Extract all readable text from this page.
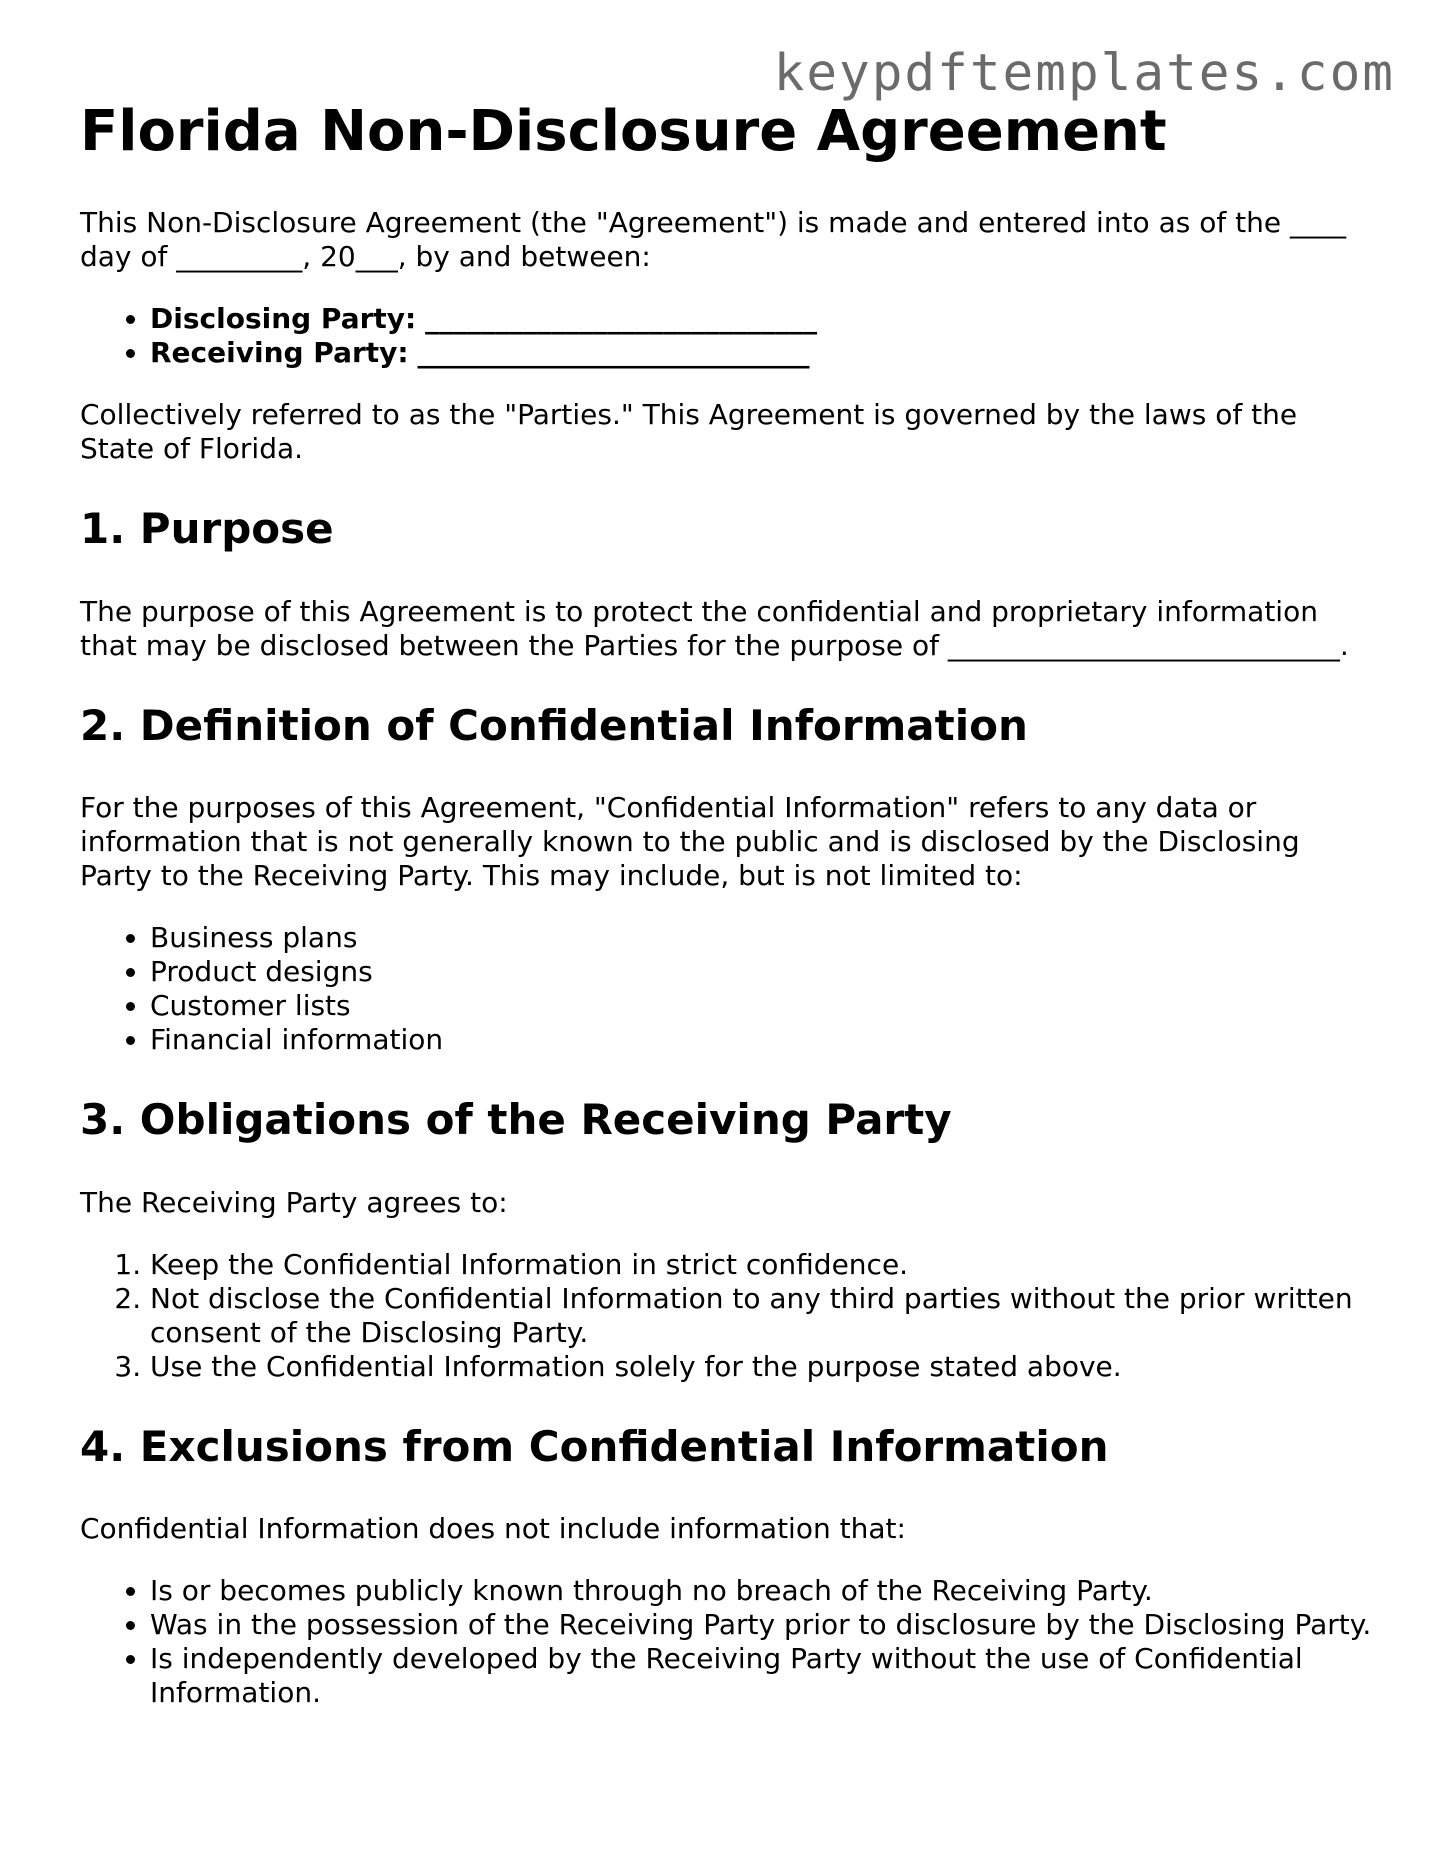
keypdftemplates.com
Florida Non-Disclosure Agreement

This Non-Disclosure Agreement (the "Agreement") is made and entered into as of the ____ day of _________, 20___, by and between:

• Disclosing Party: ____________________________
• Receiving Party: ____________________________

Collectively referred to as the "Parties." This Agreement is governed by the laws of the State of Florida.

1. Purpose

The purpose of this Agreement is to protect the confidential and proprietary information that may be disclosed between the Parties for the purpose of ____________________________.

2. Definition of Confidential Information

For the purposes of this Agreement, "Confidential Information" refers to any data or information that is not generally known to the public and is disclosed by the Disclosing Party to the Receiving Party. This may include, but is not limited to:

• Business plans
• Product designs
• Customer lists
• Financial information
3. Obligations of the Receiving Party

The Receiving Party agrees to:

1. Keep the Confidential Information in strict confidence.
2. Not disclose the Confidential Information to any third parties without the prior written consent of the Disclosing Party.
3. Use the Confidential Information solely for the purpose stated above.
4. Exclusions from Confidential Information

Confidential Information does not include information that:

• Is or becomes publicly known through no breach of the Receiving Party.
• Was in the possession of the Receiving Party prior to disclosure by the Disclosing Party.
• Is independently developed by the Receiving Party without the use of Confidential Information.
